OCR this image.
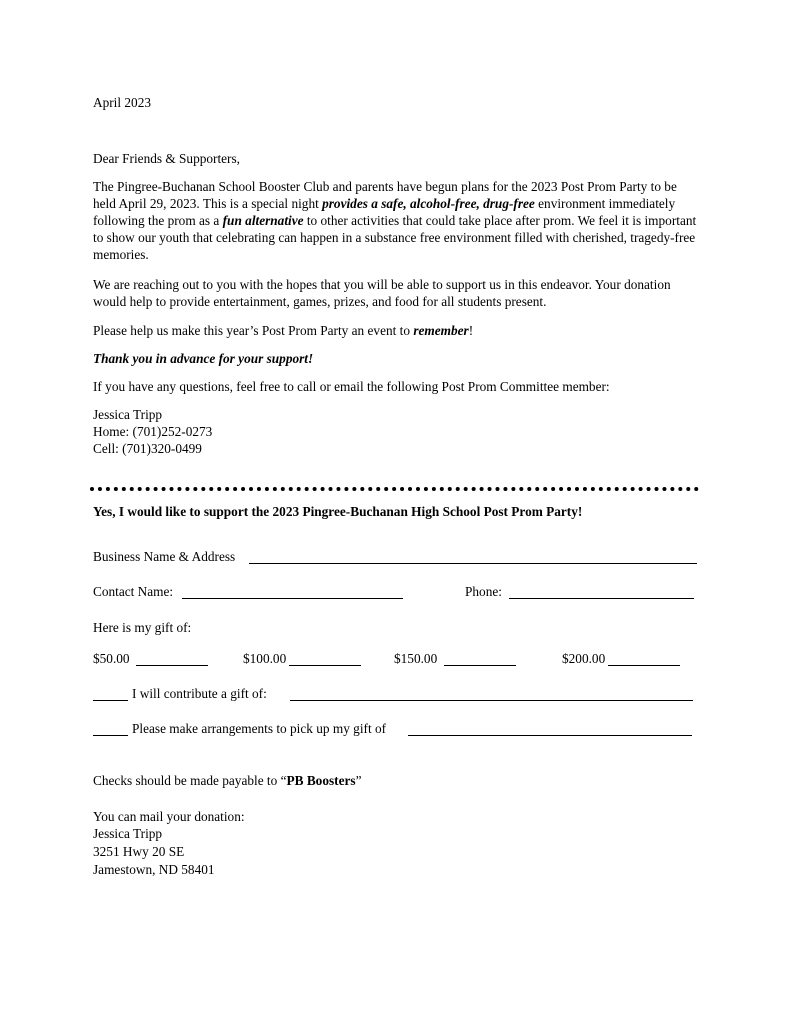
April 2023
Dear Friends & Supporters,
The Pingree-Buchanan School Booster Club and parents have begun plans for the 2023 Post Prom Party to be held April 29, 2023. This is a special night provides a safe, alcohol-free, drug-free environment immediately following the prom as a fun alternative to other activities that could take place after prom. We feel it is important to show our youth that celebrating can happen in a substance free environment filled with cherished, tragedy-free memories.
We are reaching out to you with the hopes that you will be able to support us in this endeavor. Your donation would help to provide entertainment, games, prizes, and food for all students present.
Please help us make this year’s Post Prom Party an event to remember!
Thank you in advance for your support!
If you have any questions, feel free to call or email the following Post Prom Committee member:
Jessica Tripp
Home: (701)252-0273
Cell: (701)320-0499
Yes, I would like to support the 2023 Pingree-Buchanan High School Post Prom Party!
Business Name & Address
Contact Name:	Phone:
Here is my gift of:
$50.00	$100.00	$150.00	$200.00
I will contribute a gift of:
Please make arrangements to pick up my gift of
Checks should be made payable to “PB Boosters”
You can mail your donation:
Jessica Tripp
3251 Hwy 20 SE
Jamestown, ND 58401
